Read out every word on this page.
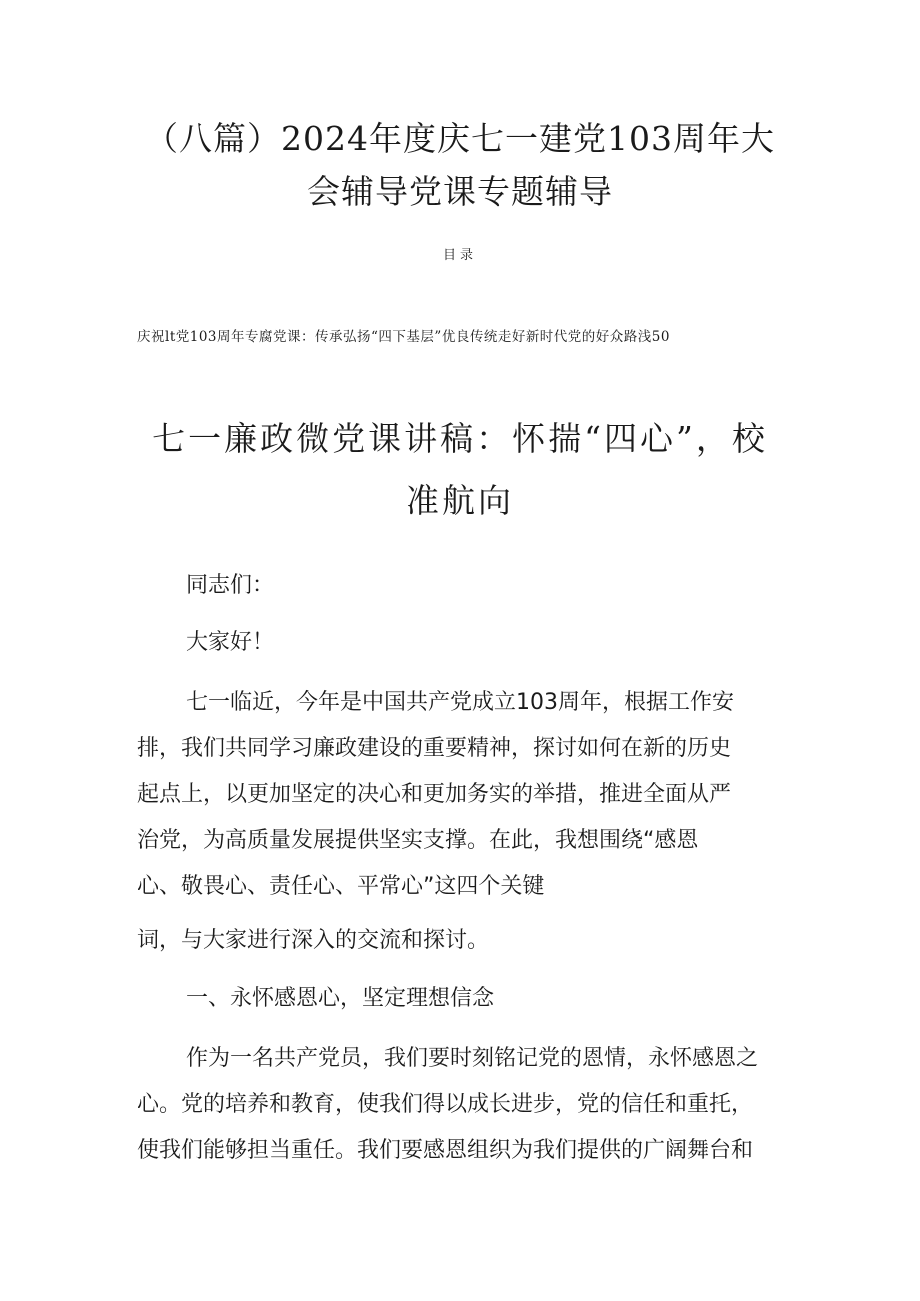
（八篇）2024年度庆七一建党103周年大
会辅导党课专题辅导
目录
庆祝lt党103周年专腐党课：传承弘扬“四下基层”优良传统走好新时代党的好众路浅50
七一廉政微党课讲稿：怀揣“四心”，校
准航向

同志们：

大家好！

七一临近，今年是中国共产党成立103周年，根据工作安
排，我们共同学习廉政建设的重要精神，探讨如何在新的历史
起点上，以更加坚定的决心和更加务实的举措，推进全面从严
治党，为高质量发展提供坚实支撑。在此，我想围绕“感恩
心、敬畏心、责任心、平常心”这四个关键

词，与大家进行深入的交流和探讨。

一、永怀感恩心，坚定理想信念

作为一名共产党员，我们要时刻铭记党的恩情，永怀感恩之
心。党的培养和教育，使我们得以成长进步，党的信任和重托，
使我们能够担当重任。我们要感恩组织为我们提供的广阔舞台和
